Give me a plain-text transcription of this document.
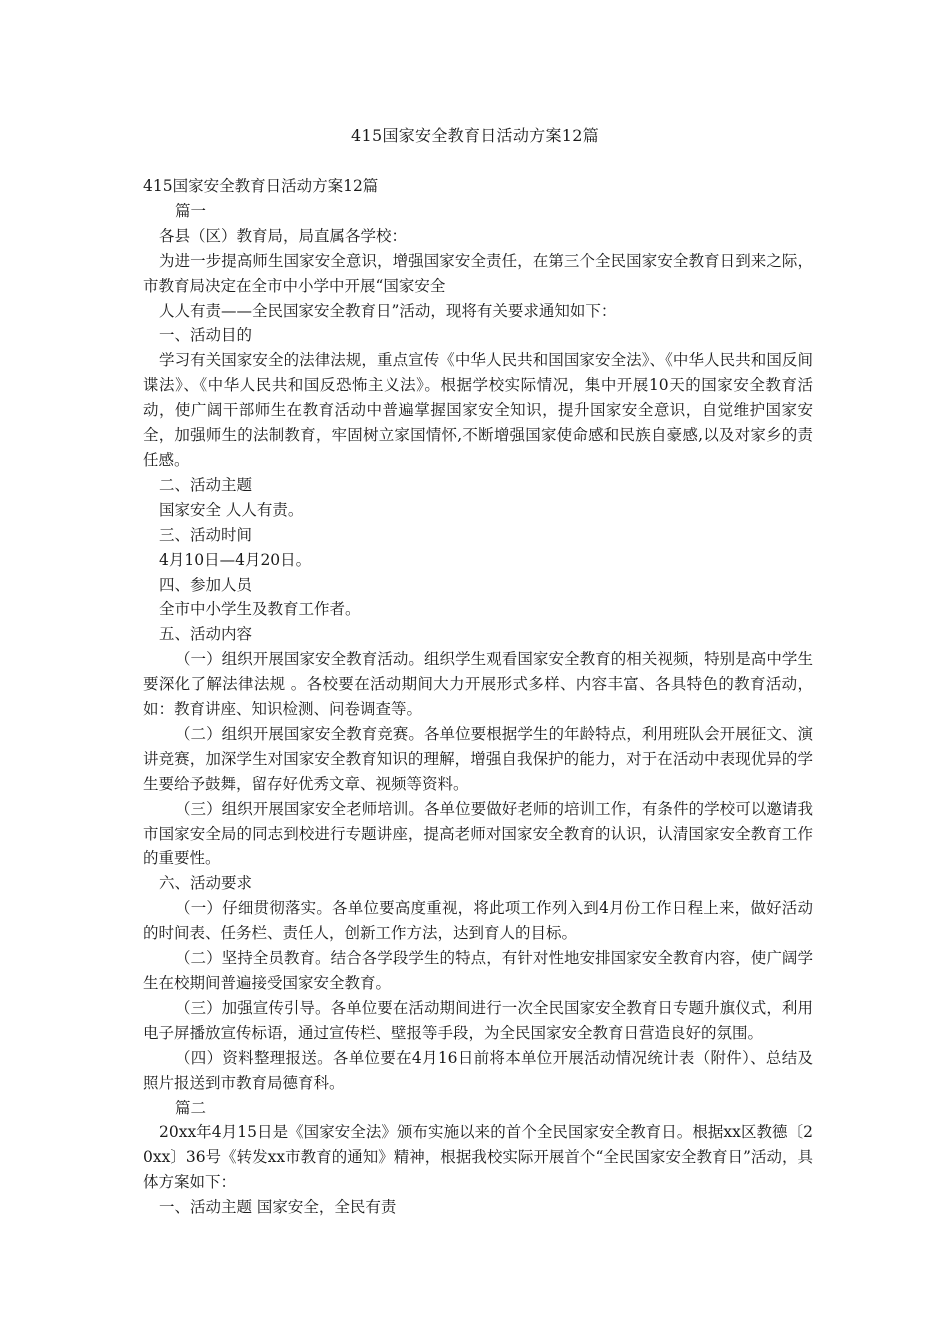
415国家安全教育日活动方案12篇

415国家安全教育日活动方案12篇

篇一

各县（区）教育局，局直属各学校：

为进一步提高师生国家安全意识，增强国家安全责任，在第三个全民国家安全教育日到来之际，市教育局决定在全市中小学中开展“国家安全

人人有责——全民国家安全教育日”活动，现将有关要求通知如下：

一、活动目的

学习有关国家安全的法律法规，重点宣传《中华人民共和国国家安全法》、《中华人民共和国反间谍法》、《中华人民共和国反恐怖主义法》。根据学校实际情况，集中开展10天的国家安全教育活动，使广阔干部师生在教育活动中普遍掌握国家安全知识，提升国家安全意识，自觉维护国家安全，加强师生的法制教育，牢固树立家国情怀,不断增强国家使命感和民族自豪感,以及对家乡的责任感。

二、活动主题

国家安全 人人有责。

三、活动时间

4月10日—4月20日。

四、参加人员

全市中小学生及教育工作者。

五、活动内容

（一）组织开展国家安全教育活动。组织学生观看国家安全教育的相关视频，特别是高中学生要深化了解法律法规 。各校要在活动期间大力开展形式多样、内容丰富、各具特色的教育活动，如：教育讲座、知识检测、问卷调查等。

（二）组织开展国家安全教育竞赛。各单位要根据学生的年龄特点，利用班队会开展征文、演讲竞赛，加深学生对国家安全教育知识的理解，增强自我保护的能力，对于在活动中表现优异的学生要给予鼓舞，留存好优秀文章、视频等资料。

（三）组织开展国家安全老师培训。各单位要做好老师的培训工作，有条件的学校可以邀请我市国家安全局的同志到校进行专题讲座，提高老师对国家安全教育的认识，认清国家安全教育工作的重要性。

六、活动要求

（一）仔细贯彻落实。各单位要高度重视，将此项工作列入到4月份工作日程上来，做好活动的时间表、任务栏、责任人，创新工作方法，达到育人的目标。

（二）坚持全员教育。结合各学段学生的特点，有针对性地安排国家安全教育内容，使广阔学生在校期间普遍接受国家安全教育。

（三）加强宣传引导。各单位要在活动期间进行一次全民国家安全教育日专题升旗仪式，利用电子屏播放宣传标语，通过宣传栏、壁报等手段，为全民国家安全教育日营造良好的氛围。

（四）资料整理报送。各单位要在4月16日前将本单位开展活动情况统计表（附件）、总结及照片报送到市教育局德育科。

篇二

20xx年4月15日是《国家安全法》颁布实施以来的首个全民国家安全教育日。根据xx区教德〔20xx〕36号《转发xx市教育的通知》精神，根据我校实际开展首个“全民国家安全教育日”活动，具体方案如下：

一、活动主题 国家安全，全民有责
